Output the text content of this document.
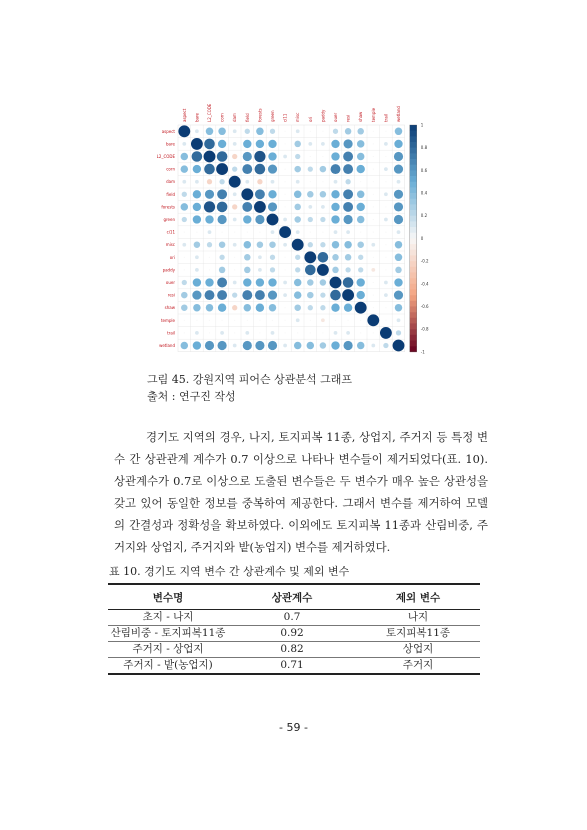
aspect bare L2_CODE corn dam field forests green ci11 misc ori paddy ouer resi shaw temple trail wetland
aspect
bare
L2_CODE
corn
dam
field
forests
green
ci11
misc
ori
paddy
ouer
resi
shaw
temple
trail
wetland
1
0.8
0.6
0.4
0.2
0
-0.2
-0.4
-0.6
-0.8
-1
그림 45. 강원지역 피어슨 상관분석 그래프
출처 : 연구진 작성

경기도 지역의 경우, 나지, 토지피복 11종, 상업지, 주거지 등 특정 변수 간 상관관계 계수가 0.7 이상으로 나타나 변수들이 제거되었다(표. 10). 상관계수가 0.7로 이상으로 도출된 변수들은 두 변수가 매우 높은 상관성을 갖고 있어 동일한 정보를 중복하여 제공한다. 그래서 변수를 제거하여 모델의 간결성과 정확성을 확보하였다. 이외에도 토지피복 11종과 산림비중, 주거지와 상업지, 주거지와 밭(농업지) 변수를 제거하였다.

표 10. 경기도 지역 변수 간 상관계수 및 제외 변수
변수명	상관계수	제외 변수
초지 - 나지	0.7	나지
산림비중 - 토지피복11종	0.92	토지피복11종
주거지 - 상업지	0.82	상업지
주거지 - 밭(농업지)	0.71	주거지
- 59 -
